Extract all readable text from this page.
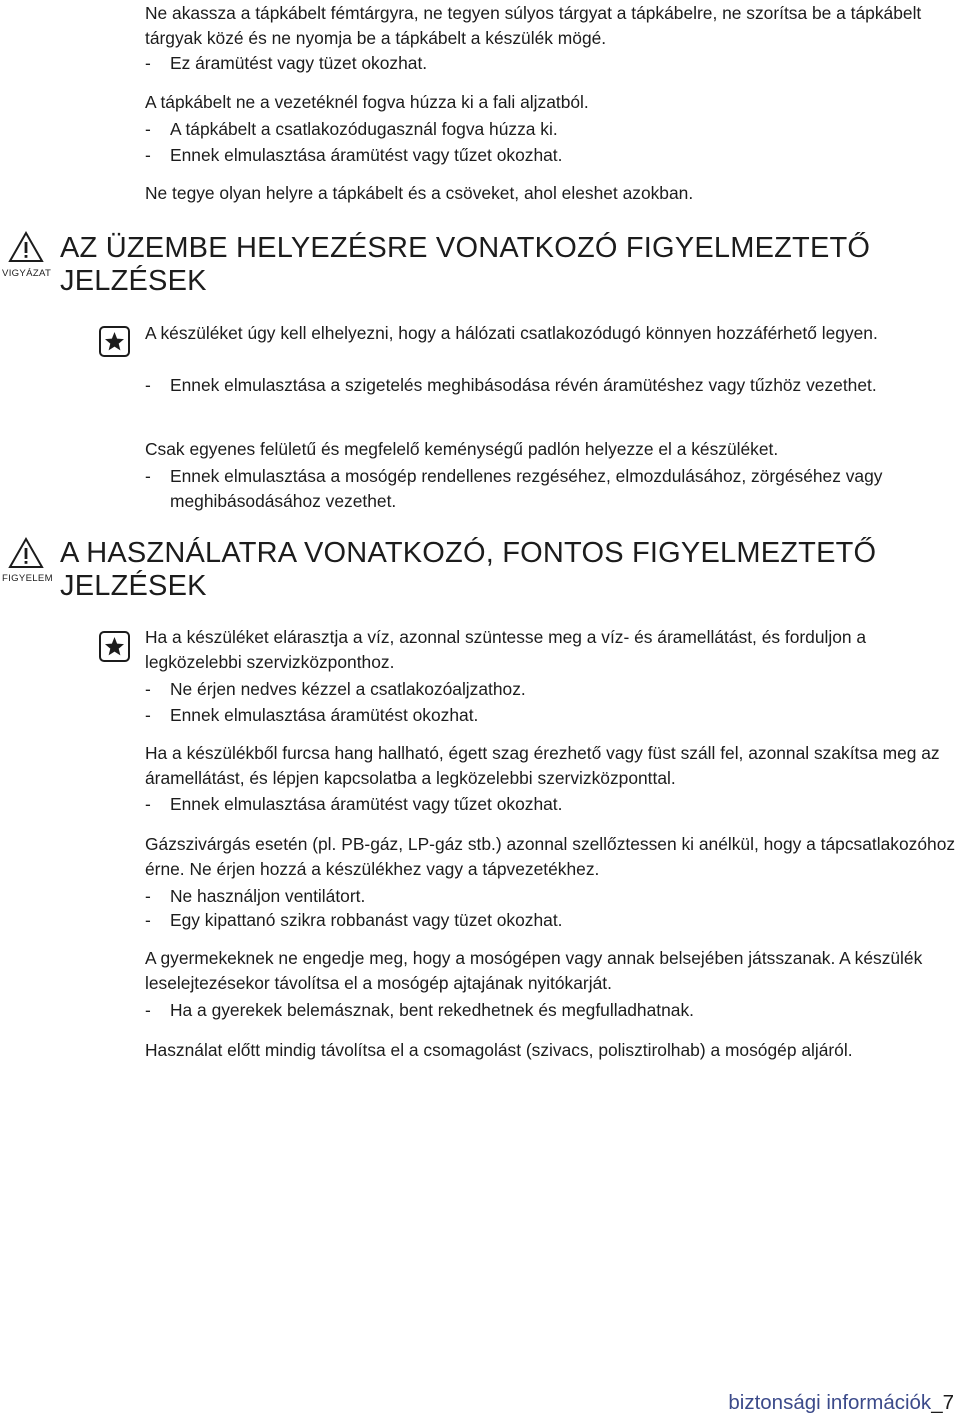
Ne akassza a tápkábelt fémtárgyra, ne tegyen súlyos tárgyat a tápkábelre, ne szorítsa be a tápkábelt tárgyak közé és ne nyomja be a tápkábelt a készülék mögé.

-	Ez áramütést vagy tüzet okozhat.

A tápkábelt ne a vezetéknél fogva húzza ki a fali aljzatból.

-	A tápkábelt a csatlakozódugasznál fogva húzza ki.
-	Ennek elmulasztása áramütést vagy tűzet okozhat.

Ne tegye olyan helyre a tápkábelt és a csöveket, ahol eleshet azokban.

VIGYÁZAT
AZ ÜZEMBE HELYEZÉSRE VONATKOZÓ FIGYELMEZTETŐ
JELZÉSEK

A készüléket úgy kell elhelyezni, hogy a hálózati csatlakozódugó könnyen hozzáférhető legyen.

-	Ennek elmulasztása a szigetelés meghibásodása révén áramütéshez vagy tűzhöz vezethet.

Csak egyenes felületű és megfelelő keménységű padlón helyezze el a készüléket.

-	Ennek elmulasztása a mosógép rendellenes rezgéséhez, elmozdulásához, zörgéséhez vagy meghibásodásához vezethet.
FIGYELEM
A HASZNÁLATRA VONATKOZÓ, FONTOS FIGYELMEZTETŐ
JELZÉSEK

Ha a készüléket elárasztja a víz, azonnal szüntesse meg a víz- és áramellátást, és forduljon a legközelebbi szervizközponthoz.

-	Ne érjen nedves kézzel a csatlakozóaljzathoz.
-	Ennek elmulasztása áramütést okozhat.

Ha a készülékből furcsa hang hallható, égett szag érezhető vagy füst száll fel, azonnal szakítsa meg az áramellátást, és lépjen kapcsolatba a legközelebbi szervizközponttal.

-	Ennek elmulasztása áramütést vagy tűzet okozhat.

Gázszivárgás esetén (pl. PB-gáz, LP-gáz stb.) azonnal szellőztessen ki anélkül, hogy a tápcsatlakozóhoz érne. Ne érjen hozzá a készülékhez vagy a tápvezetékhez.

-	Ne használjon ventilátort.
-	Egy kipattanó szikra robbanást vagy tüzet okozhat.

A gyermekeknek ne engedje meg, hogy a mosógépen vagy annak belsejében játsszanak. A készülék leselejtezésekor távolítsa el a mosógép ajtajának nyitókarját.

-	Ha a gyerekek belemásznak, bent rekedhetnek és megfulladhatnak.

Használat előtt mindig távolítsa el a csomagolást (szivacs, polisztirolhab) a mosógép aljáról.

biztonsági információk_7
